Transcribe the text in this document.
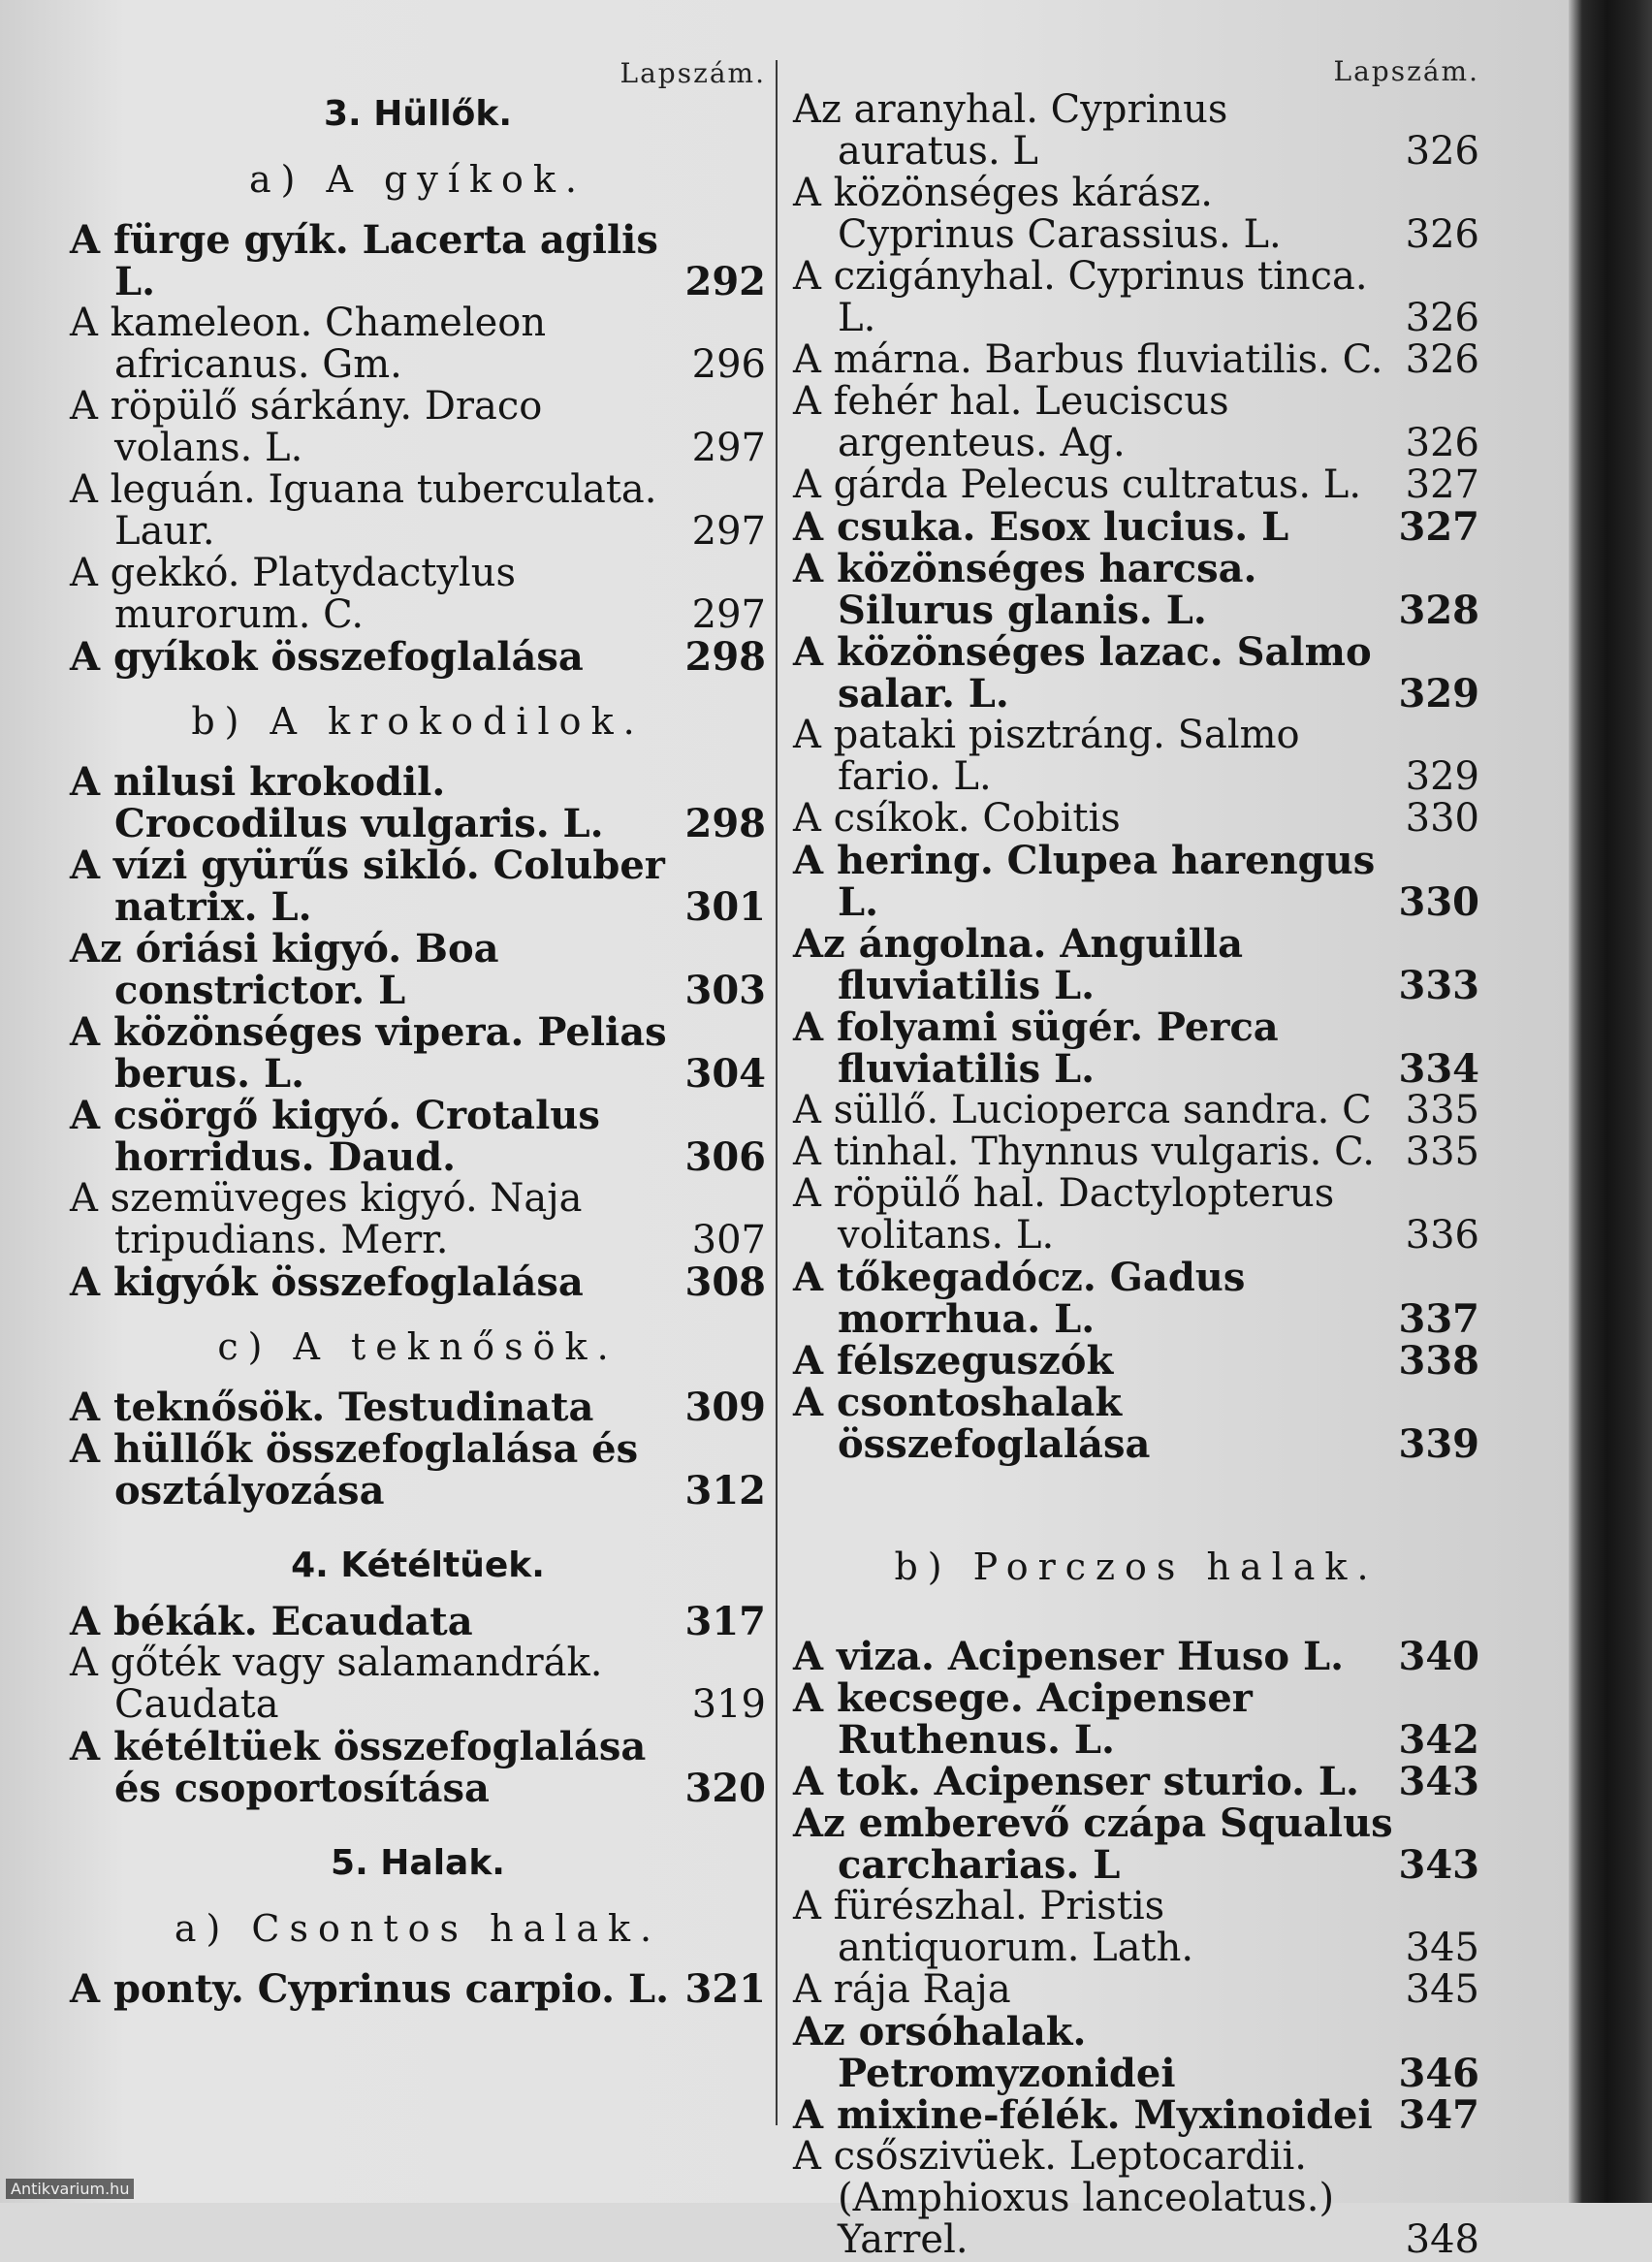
Lapszám.
3. Hüllők.
a) A gyíkok.
A fürge gyík. Lacerta agilis L.	292
A kameleon. Chameleon africanus. Gm.	296
A röpülő sárkány. Draco volans. L.	297
A leguán. Iguana tuberculata. Laur.	297
A gekkó. Platydactylus murorum. C.	297
A gyíkok összefoglalása	298
b) A krokodilok.
A nilusi krokodil. Crocodilus vulgaris. L.	298
A vízi gyürűs sikló. Coluber natrix. L.	301
Az óriási kigyó. Boa constrictor. L	303
A közönséges vipera. Pelias berus. L.	304
A csörgő kigyó. Crotalus horridus. Daud.	306
A szemüveges kigyó. Naja tripudians. Merr.	307
A kigyók összefoglalása	308
c) A teknősök.
A teknősök. Testudinata	309
A hüllők összefoglalása és osztályozása	312
4. Kétéltüek.
A békák. Ecaudata	317
A gőték vagy salamandrák. Caudata	319
A kétéltüek összefoglalása és csoportosítása	320
5. Halak.
a) Csontos halak.
A ponty. Cyprinus carpio. L. 321
Lapszám.
Az aranyhal. Cyprinus auratus. L	326
A közönséges kárász. Cyprinus Carassius. L.	326
A czigányhal. Cyprinus tinca. L.	326
A márna. Barbus fluviatilis. C. 326
A fehér hal. Leuciscus argenteus. Ag.	326
A gárda Pelecus cultratus. L.	327
A csuka. Esox lucius. L	327
A közönséges harcsa. Silurus glanis. L.	328
A közönséges lazac. Salmo salar. L.	329
A pataki pisztráng. Salmo fario. L.	329
A csíkok. Cobitis	330
A hering. Clupea harengus L.	330
Az ángolna. Anguilla fluviatilis L.	333
A folyami sügér. Perca fluviatilis L.	334
A süllő. Lucioperca sandra. C 335
A tinhal. Thynnus vulgaris. C. 335
A röpülő hal. Dactylopterus volitans. L.	336
A tőkegadócz. Gadus morrhua. L.	337
A félszeguszók	338
A csontoshalak összefoglalása	339
b) Porczos halak.
A viza. Acipenser Huso L.	340
A kecsege. Acipenser Ruthenus. L.	342
A tok. Acipenser sturio. L.	343
Az emberevő czápa Squalus carcharias. L	343
A fürészhal. Pristis antiquorum. Lath.	345
A rája Raja	345
Az orsóhalak. Petromyzonidei	346
A mixine-félék. Myxinoidei 347
A csőszivüek. Leptocardii. (Amphioxus lanceolatus.) Yarrel.	348
Antikvarium.hu
